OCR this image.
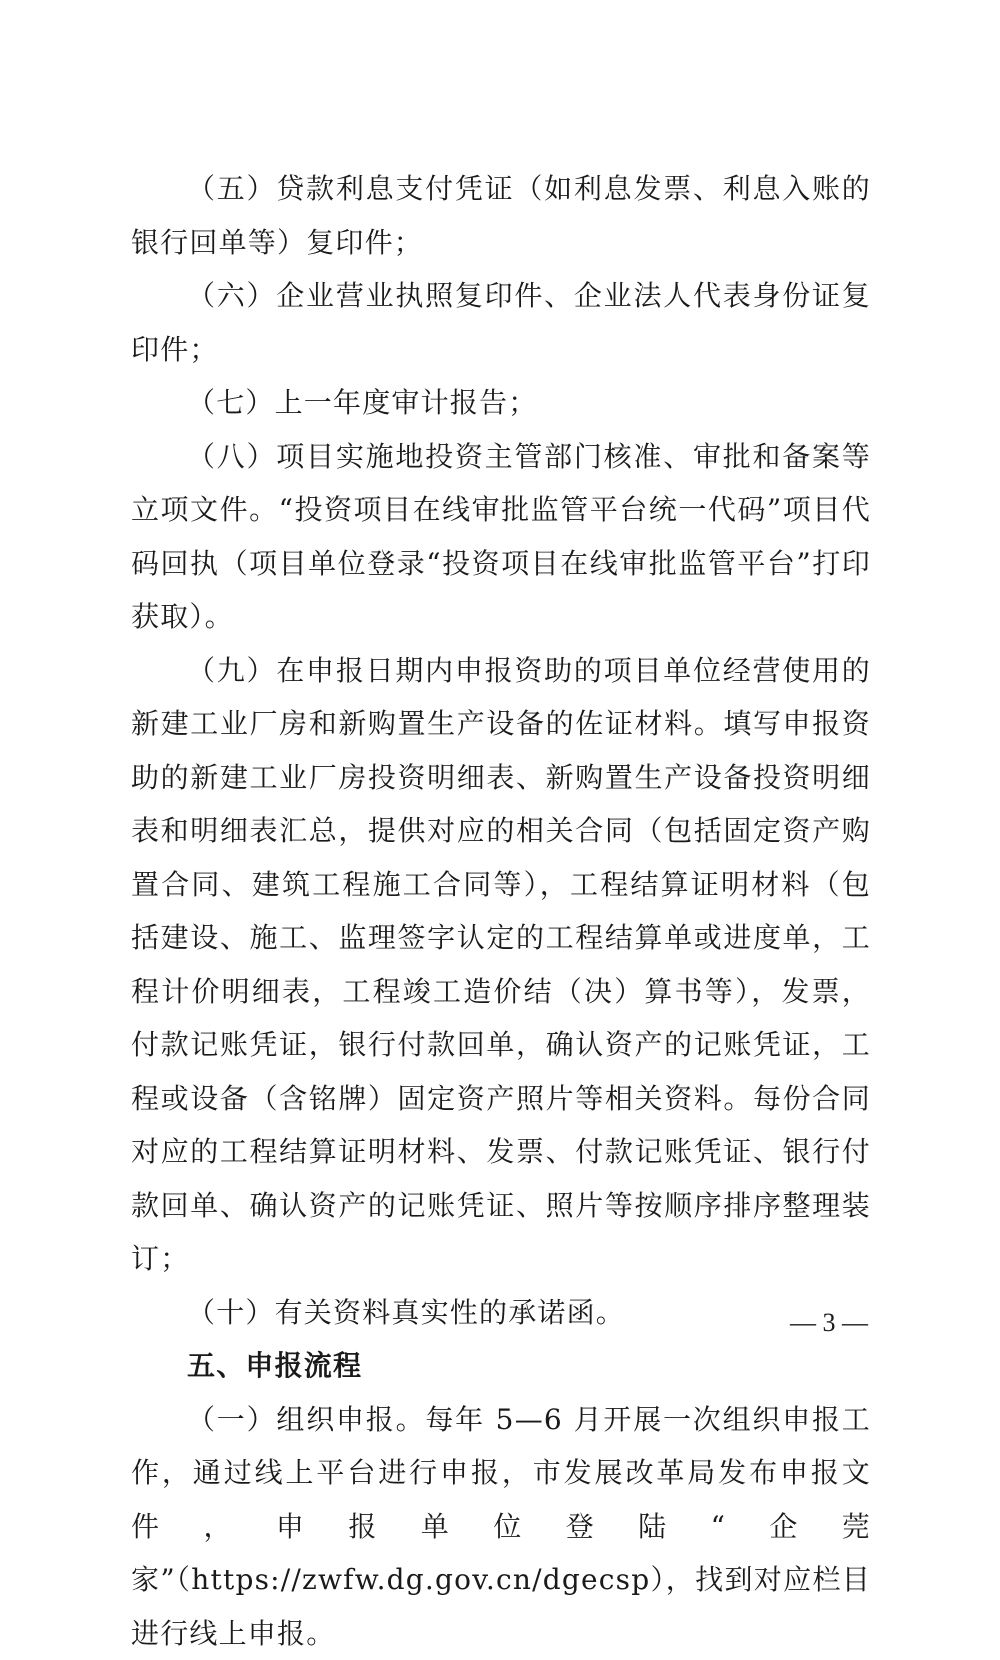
（五）贷款利息支付凭证（如利息发票、利息入账的银行回单等）复印件；

（六）企业营业执照复印件、企业法人代表身份证复印件；

（七）上一年度审计报告；

（八）项目实施地投资主管部门核准、审批和备案等立项文件。“投资项目在线审批监管平台统一代码”项目代码回执（项目单位登录“投资项目在线审批监管平台”打印获取）。

（九）在申报日期内申报资助的项目单位经营使用的新建工业厂房和新购置生产设备的佐证材料。填写申报资助的新建工业厂房投资明细表、新购置生产设备投资明细表和明细表汇总，提供对应的相关合同（包括固定资产购置合同、建筑工程施工合同等），工程结算证明材料（包括建设、施工、监理签字认定的工程结算单或进度单，工程计价明细表，工程竣工造价结（决）算书等），发票，付款记账凭证，银行付款回单，确认资产的记账凭证，工程或设备（含铭牌）固定资产照片等相关资料。每份合同对应的工程结算证明材料、发票、付款记账凭证、银行付款回单、确认资产的记账凭证、照片等按顺序排序整理装订；

（十）有关资料真实性的承诺函。

五、申报流程

（一）组织申报。每年 5—6 月开展一次组织申报工作，通过线上平台进行申报，市发展改革局发布申报文件，申报单位登陆“企莞家”（https://zwfw.dg.gov.cn/dgecsp），找到对应栏目进行线上申报。

— 3 —
